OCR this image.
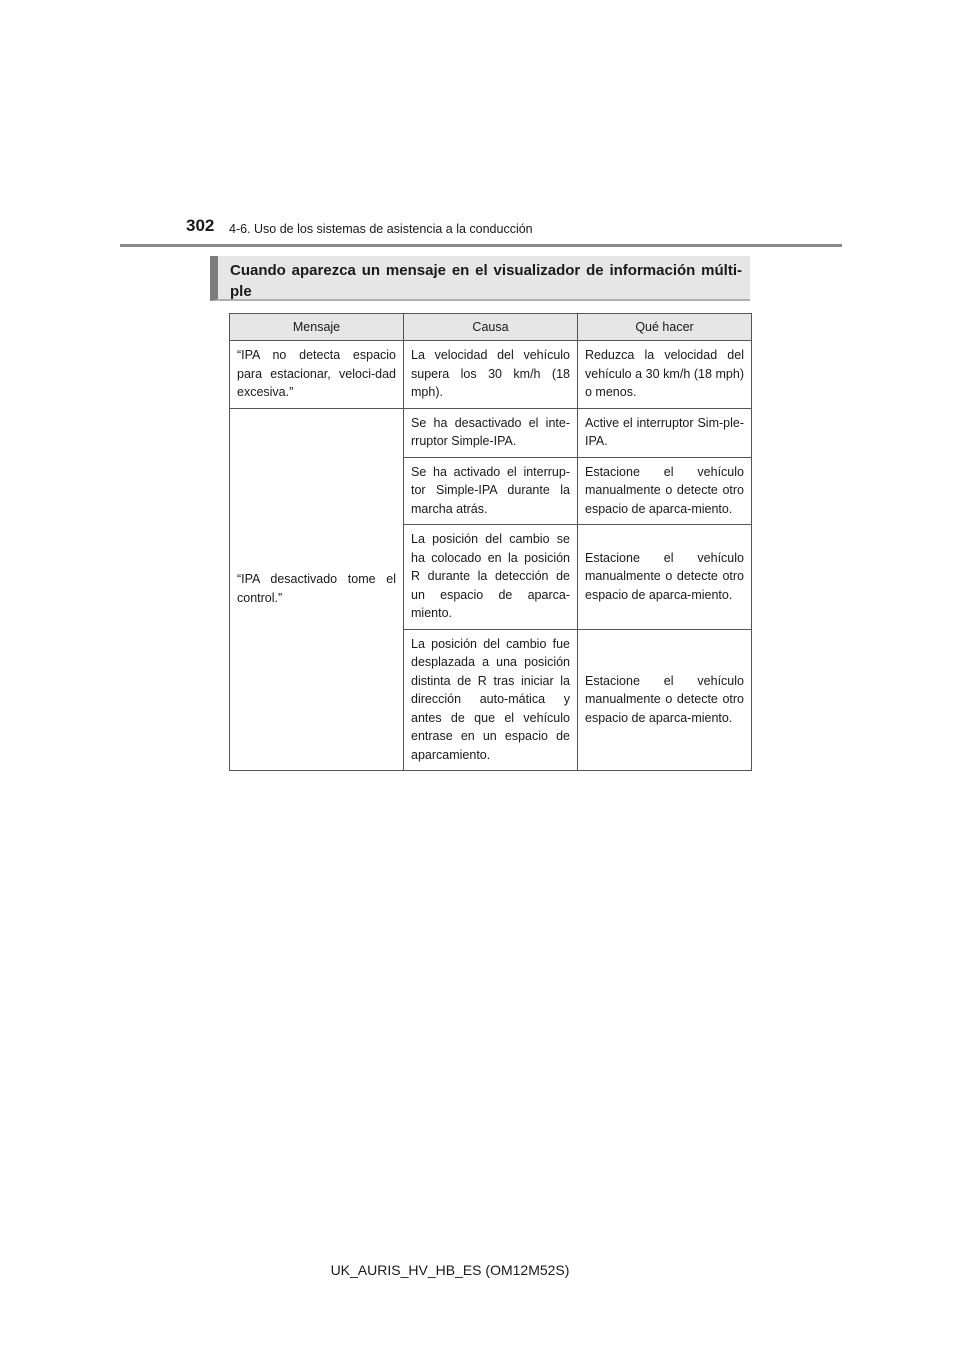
302 4-6. Uso de los sistemas de asistencia a la conducción
Cuando aparezca un mensaje en el visualizador de información múlti-ple
Mensaje	Causa	Qué hacer
“IPA no detecta espacio para estacionar, veloci-dad excesiva.”	La velocidad del vehículo supera los 30 km/h (18 mph).	Reduzca la velocidad del vehículo a 30 km/h (18 mph) o menos.
“IPA desactivado tome el control.”	Se ha desactivado el inte-rruptor Simple-IPA.	Active el interruptor Sim-ple-IPA.
	Se ha activado el interrup-tor Simple-IPA durante la marcha atrás.	Estacione el vehículo manualmente o detecte otro espacio de aparca-miento.
	La posición del cambio se ha colocado en la posición R durante la detección de un espacio de aparca-miento.	Estacione el vehículo manualmente o detecte otro espacio de aparca-miento.
	La posición del cambio fue desplazada a una posición distinta de R tras iniciar la dirección auto-mática y antes de que el vehículo entrase en un espacio de aparcamiento.	Estacione el vehículo manualmente o detecte otro espacio de aparca-miento.
UK_AURIS_HV_HB_ES (OM12M52S)
